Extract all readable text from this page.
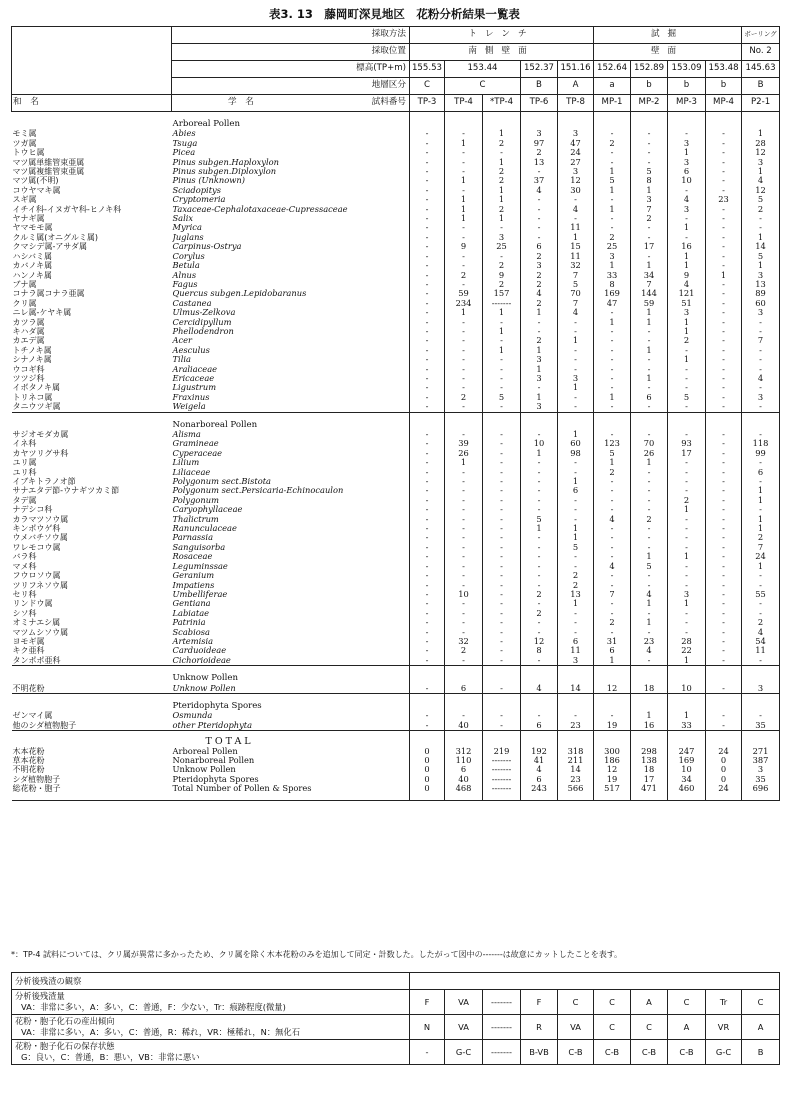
表3. 13　藤岡町深見地区　花粉分析結果一覧表
	採取方法	トレンチ					試掘				ボーリング
	採取位置	南側壁面					壁面				No. 2
	標高(TP+m)	155.53	153.44		152.37	151.16	152.64	152.89	153.09	153.48	145.63
	地層区分	C	C		B	A	a	b	b	b	B
和　名	学　名 試料番号	TP-3	TP-4	*TP-4	TP-6	TP-8	MP-1	MP-2	MP-3	MP-4	P2-1

	Arboreal Pollen										
モミ属	Abies	-	-	1	3	3	-	-	-	-	1
ツガ属	Tsuga	-	1	2	97	47	2	-	3	-	28
トウヒ属	Picea	-	-	-	2	24	-	-	1	-	12
マツ属単維管束亜属	Pinus subgen.Haploxylon	-	-	1	13	27	-	-	3	-	3
マツ属複維管束亜属	Pinus subgen.Diploxylon	-	-	2	-	3	1	5	6	-	1
マツ属(不明)	Pinus (Unknown)	-	1	2	37	12	5	8	10	-	4
コウヤマキ属	Sciadopitys	-	-	1	4	30	1	1	-	-	12
スギ属	Cryptomeria	-	1	1	-	-	-	3	4	23	5
イチイ科-イヌガヤ科-ヒノキ科	Taxaceae-Cephalotaxaceae-Cupressaceae	-	1	2	-	4	1	7	3	-	2
ヤナギ属	Salix	-	1	1	-	-	-	2	-	-	-
ヤマモモ属	Myrica	-	-	-	-	11	-	-	1	-	-
クルミ属(オニグルミ属)	Juglans	-	-	3	-	1	2	-	-	-	1
クマシデ属-アサダ属	Carpinus-Ostrya	-	9	25	6	15	25	17	16	-	14
ハシバミ属	Corylus	-	-	-	2	11	3	-	1	-	5
カバノキ属	Betula	-	-	2	3	32	1	1	1	-	1
ハンノキ属	Alnus	-	2	9	2	7	33	34	9	1	3
ブナ属	Fagus	-	-	2	2	5	8	7	4	-	13
コナラ属コナラ亜属	Quercus subgen.Lepidobaranus	-	59	157	4	70	169	144	121	-	89
クリ属	Castanea	-	234	-------	2	7	47	59	51	-	60
ニレ属-ケヤキ属	Ulmus-Zelkova	-	1	1	1	4	-	1	3	-	3
カツラ属	Cercidipyllum	-	-	-	-	-	1	1	1	-	-
キハダ属	Phellodendron	-	-	1	-	-	-	-	1	-	-
カエデ属	Acer	-	-	-	2	1	-	-	2	-	7
トチノキ属	Aesculus	-	-	1	1	-	-	1	-	-	-
シナノキ属	Tilia	-	-	-	3	-	-	-	1	-	-
ウコギ科	Araliaceae	-	-	-	1	-	-	-	-	-	-
ツツジ科	Ericaceae	-	-	-	3	3	-	1	-	-	4
イボタノキ属	Ligustrum	-	-	-	-	1	-	-	-	-	-
トリネコ属	Fraxinus	-	2	5	1	-	1	6	5	-	3
タニウツギ属	Weigela	-	-	-	3	-	-	-	-	-	-

	Nonarboreal Pollen										
サジオモダカ属	Alisma	-	-	-	-	1	-	-	-	-	-
イネ科	Gramineae	-	39	-	10	60	123	70	93	-	118
カヤツリグサ科	Cyperaceae	-	26	-	1	98	5	26	17	-	99
ユリ属	Lilium	-	1	-	-	-	1	1	-	-	-
ユリ科	Liliaceae	-	-	-	-	-	2	-	-	-	6
イブキトラノオ節	Polygonum sect.Bistota	-	-	-	-	1	-	-	-	-	-
サナエタデ節-ウナギツカミ節	Polygonum sect.Persicaria-Echinocaulon	-	-	-	-	6	-	-	-	-	1
タデ属	Polygonum	-	-	-	-	-	-	-	2	-	1
ナデシコ科	Caryophyllaceae	-	-	-	-	-	-	-	1	-	-
カラマツソウ属	Thalictrum	-	-	-	5	-	4	2	-	-	1
キンポウゲ科	Ranunculaceae	-	-	-	1	1	-	-	-	-	1
ウメバチソウ属	Parnassia	-	-	-	-	1	-	-	-	-	2
ワレモコウ属	Sanguisorba	-	-	-	-	5	-	-	-	-	7
バラ科	Rosaceae	-	-	-	-	-	-	1	1	-	24
マメ科	Leguminssae	-	-	-	-	-	4	5	-	-	1
フウロソウ属	Geranium	-	-	-	-	2	-	-	-	-	-
ツリフネソウ属	Impatiens	-	-	-	-	2	-	-	-	-	-
セリ科	Umbelliferae	-	10	-	2	13	7	4	3	-	55
リンドウ属	Gentiana	-	-	-	-	1	-	1	1	-	-
シソ科	Labiatae	-	-	-	2	-	-	-	-	-	-
オミナエシ属	Patrinia	-	-	-	-	-	2	1	-	-	2
マツムシソウ属	Scabiosa	-	-	-	-	-	-	-	-	-	4
ヨモギ属	Artemisia	-	32	-	12	6	31	23	28	-	54
キク亜科	Carduoideae	-	2	-	8	11	6	4	22	-	11
タンポポ亜科	Cichorioideae	-	-	-	-	3	1	-	1	-	-

	Unknow Pollen										
不明花粉	Unknow Pollen	-	6	-	4	14	12	18	10	-	3

	Pteridophyta Spores										
ゼンマイ属	Osmunda	-	-	-	-	-	-	1	1	-	-
他のシダ植物胞子	other Pteridophyta	-	40	-	6	23	19	16	33	-	35

	TOTAL										
木本花粉	Arboreal Pollen	0	312	219	192	318	300	298	247	24	271
草本花粉	Nonarboreal Pollen	0	110	-------	41	211	186	138	169	0	387
不明花粉	Unknow Pollen	0	6	-------	4	14	12	18	10	0	3
シダ植物胞子	Pteridophyta Spores	0	40	-------	6	23	19	17	34	0	35
総花粉・胞子	Total Number of Pollen & Spores	0	468	-------	243	566	517	471	460	24	696

*：TP-4 試料については、クリ属が異常に多かったため、クリ属を除く木本花粉のみを追加して同定・計数した。したがって図中の-------は故意にカットしたことを表す。
分析後残渣の観察										

分析後残渣量
VA：非常に多い，A：多い，C：普通，F：少ない，Tr：痕跡程度(微量)	F	VA	-------	F	C	C	A	C	Tr	C

花粉・胞子化石の産出傾向
VA：非常に多い，A：多い，C：普通，R：稀れ，VR：極稀れ，N：無化石	N	VA	-------	R	VA	C	C	A	VR	A

花粉・胞子化石の保存状態
G：良い，C：普通，B：悪い，VB：非常に悪い	-	G-C	-------	B-VB	C-B	C-B	C-B	C-B	G-C	B
